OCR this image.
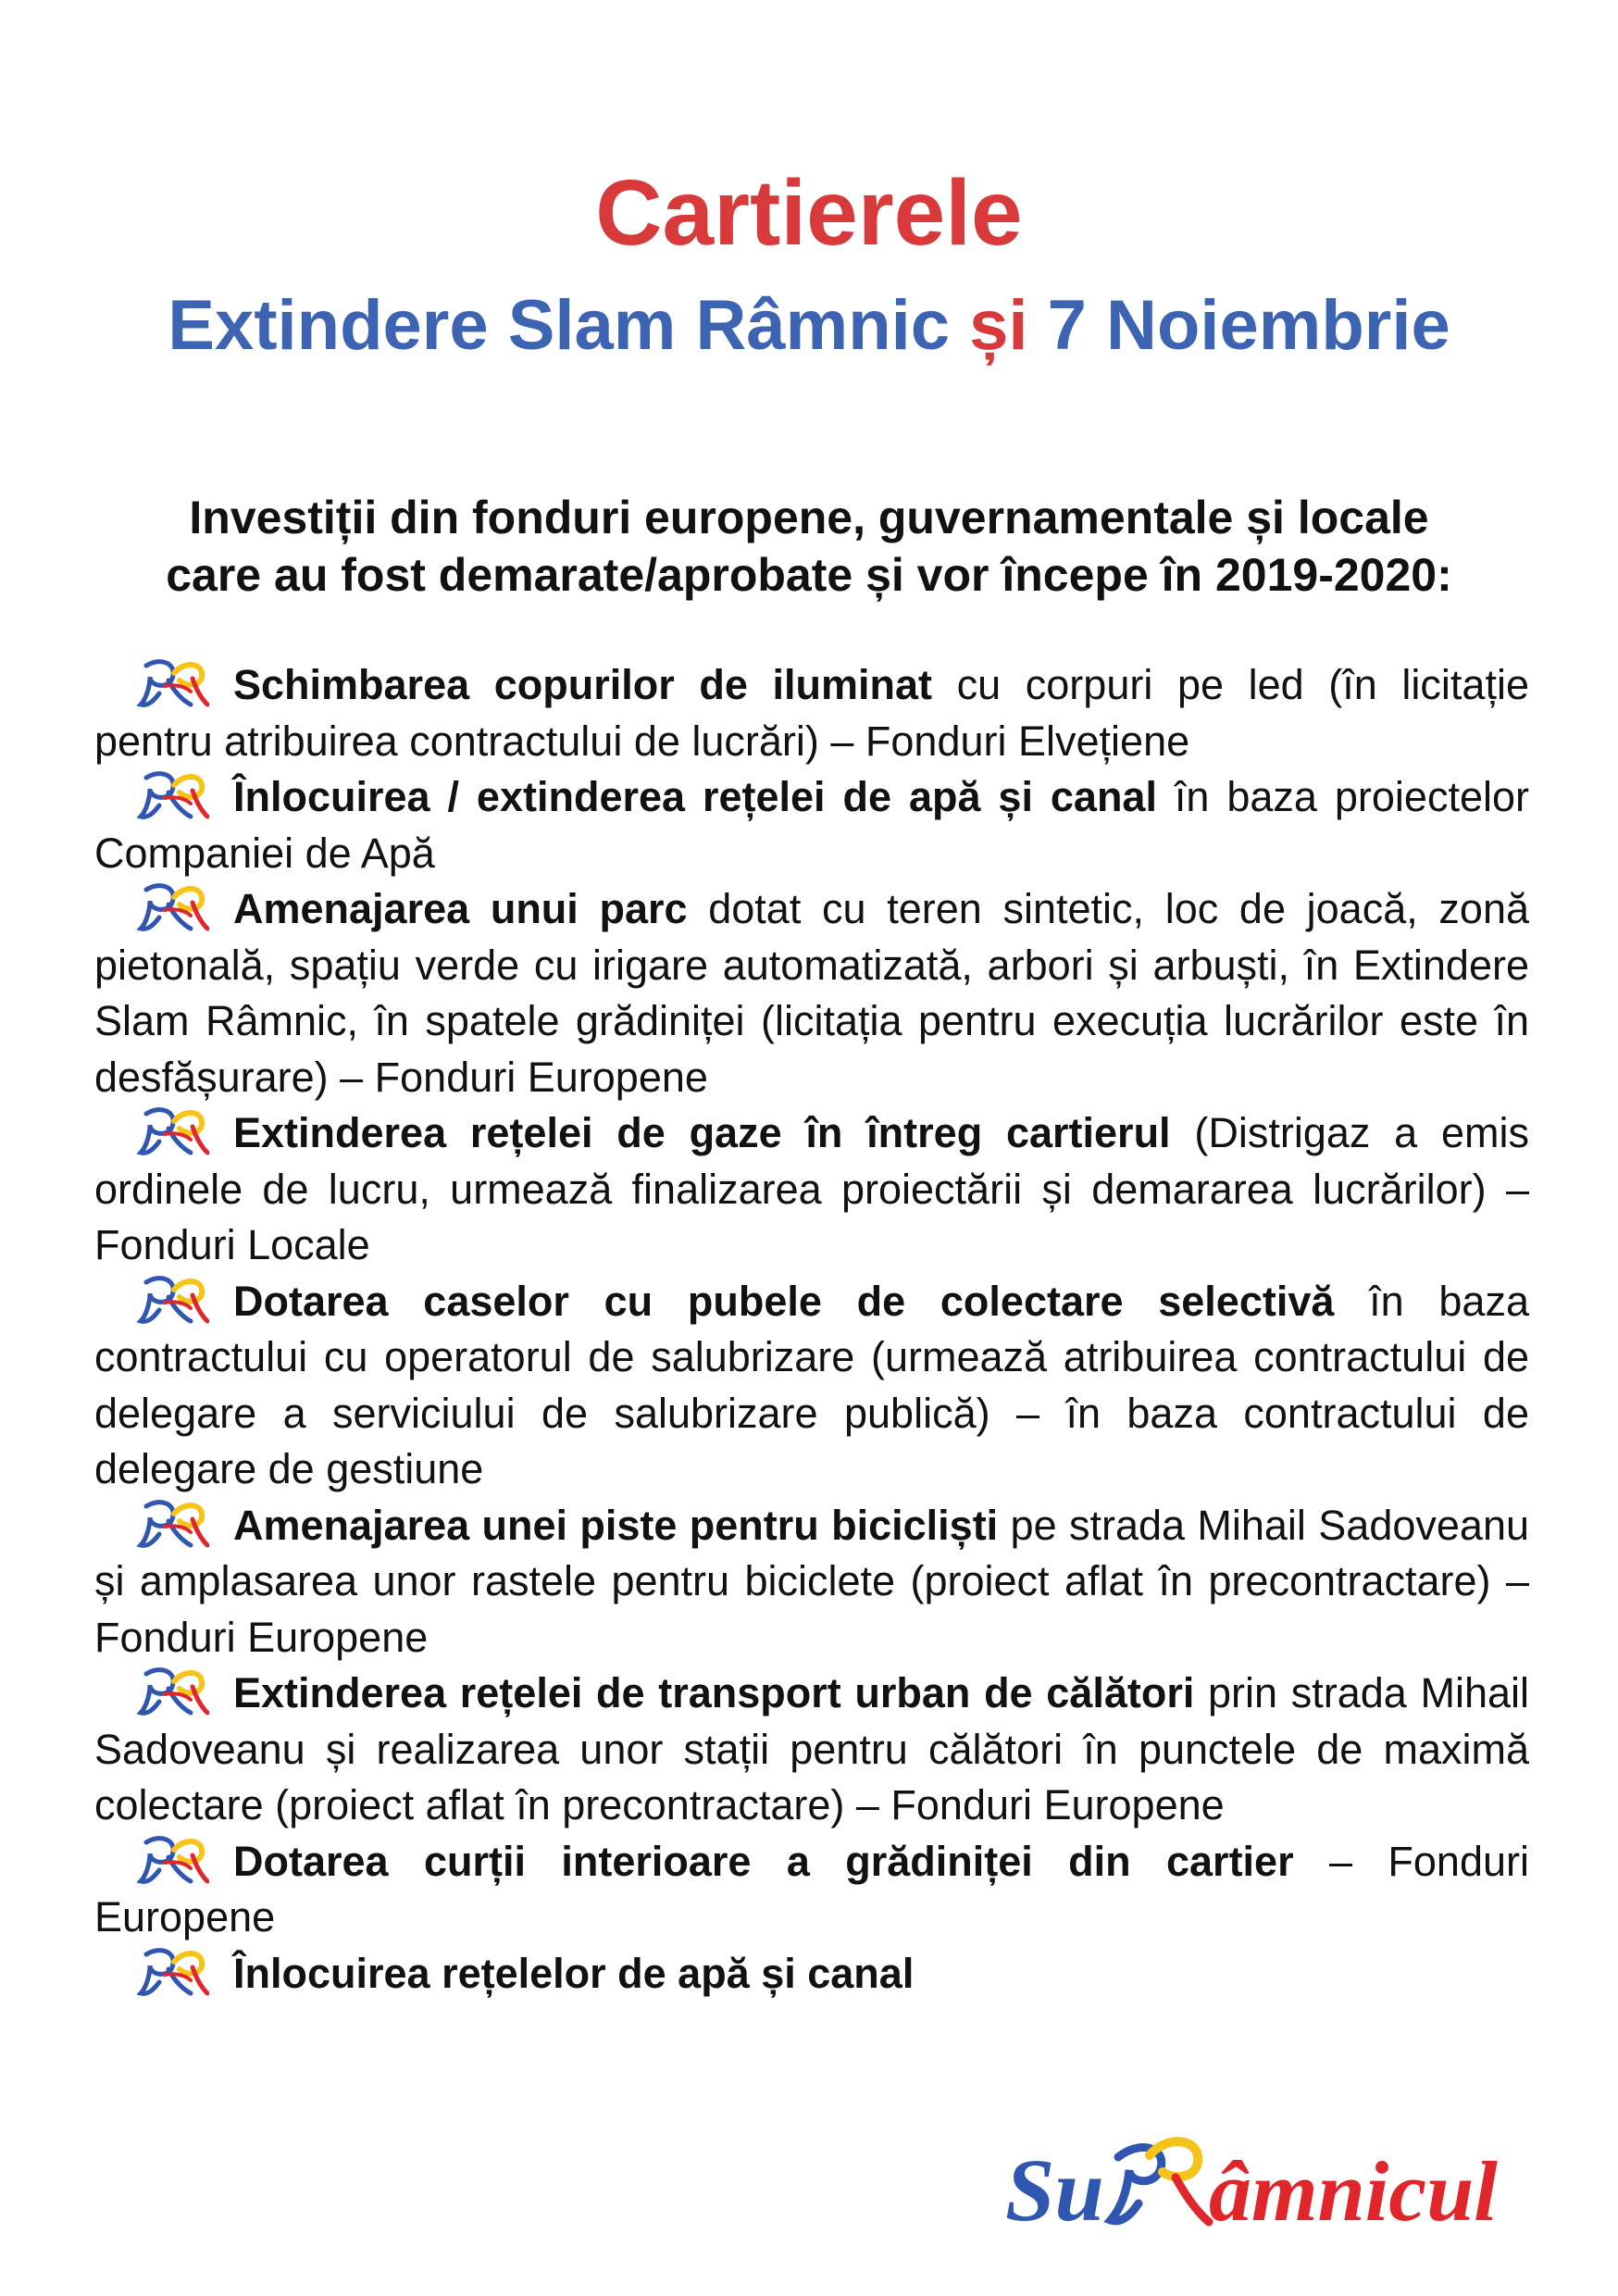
Cartierele
Extindere Slam Râmnic și 7 Noiembrie

Investiții din fonduri europene, guvernamentale și locale
care au fost demarate/aprobate și vor începe în 2019-2020:

Schimbarea copurilor de iluminat cu corpuri pe led (în licitație pentru atribuirea contractului de lucrări) – Fonduri Elvețiene
Înlocuirea / extinderea rețelei de apă și canal în baza proiectelor Companiei de Apă
Amenajarea unui parc dotat cu teren sintetic, loc de joacă, zonă pietonală, spațiu verde cu irigare automatizată, arbori și arbuști, în Extindere Slam Râmnic, în spatele grădiniței (licitația pentru execuția lucrărilor este în desfășurare) – Fonduri Europene
Extinderea rețelei de gaze în întreg cartierul (Distrigaz a emis ordinele de lucru, urmează finalizarea proiectării și demararea lucrărilor) – Fonduri Locale
Dotarea caselor cu pubele de colectare selectivă în baza contractului cu operatorul de salubrizare (urmează atribuirea contractului de delegare a serviciului de salubrizare publică) – în baza contractului de delegare de gestiune
Amenajarea unei piste pentru bicicliști pe strada Mihail Sadoveanu și amplasarea unor rastele pentru biciclete (proiect aflat în precontractare) – Fonduri Europene
Extinderea rețelei de transport urban de călători prin strada Mihail Sadoveanu și realizarea unor stații pentru călători în punctele de maximă colectare (proiect aflat în precontractare) – Fonduri Europene
Dotarea curții interioare a grădiniței din cartier – Fonduri Europene
Înlocuirea rețelelor de apă și canal
Su âmnicul
